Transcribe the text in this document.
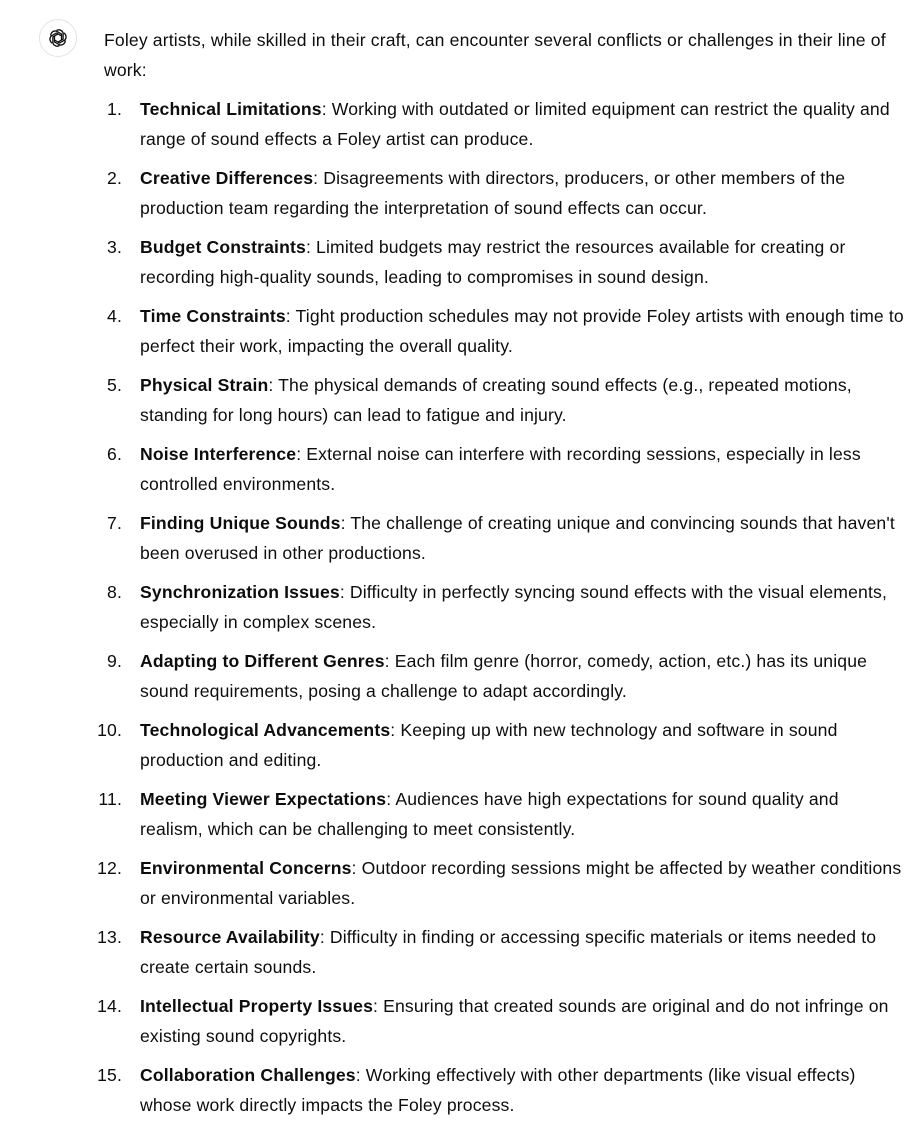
Foley artists, while skilled in their craft, can encounter several conflicts or challenges in their line of work:

1. Technical Limitations: Working with outdated or limited equipment can restrict the quality and range of sound effects a Foley artist can produce.
2. Creative Differences: Disagreements with directors, producers, or other members of the production team regarding the interpretation of sound effects can occur.
3. Budget Constraints: Limited budgets may restrict the resources available for creating or recording high-quality sounds, leading to compromises in sound design.
4. Time Constraints: Tight production schedules may not provide Foley artists with enough time to perfect their work, impacting the overall quality.
5. Physical Strain: The physical demands of creating sound effects (e.g., repeated motions, standing for long hours) can lead to fatigue and injury.
6. Noise Interference: External noise can interfere with recording sessions, especially in less controlled environments.
7. Finding Unique Sounds: The challenge of creating unique and convincing sounds that haven't been overused in other productions.
8. Synchronization Issues: Difficulty in perfectly syncing sound effects with the visual elements, especially in complex scenes.
9. Adapting to Different Genres: Each film genre (horror, comedy, action, etc.) has its unique sound requirements, posing a challenge to adapt accordingly.
10. Technological Advancements: Keeping up with new technology and software in sound production and editing.
11. Meeting Viewer Expectations: Audiences have high expectations for sound quality and realism, which can be challenging to meet consistently.
12. Environmental Concerns: Outdoor recording sessions might be affected by weather conditions or environmental variables.
13. Resource Availability: Difficulty in finding or accessing specific materials or items needed to create certain sounds.
14. Intellectual Property Issues: Ensuring that created sounds are original and do not infringe on existing sound copyrights.
15. Collaboration Challenges: Working effectively with other departments (like visual effects) whose work directly impacts the Foley process.
